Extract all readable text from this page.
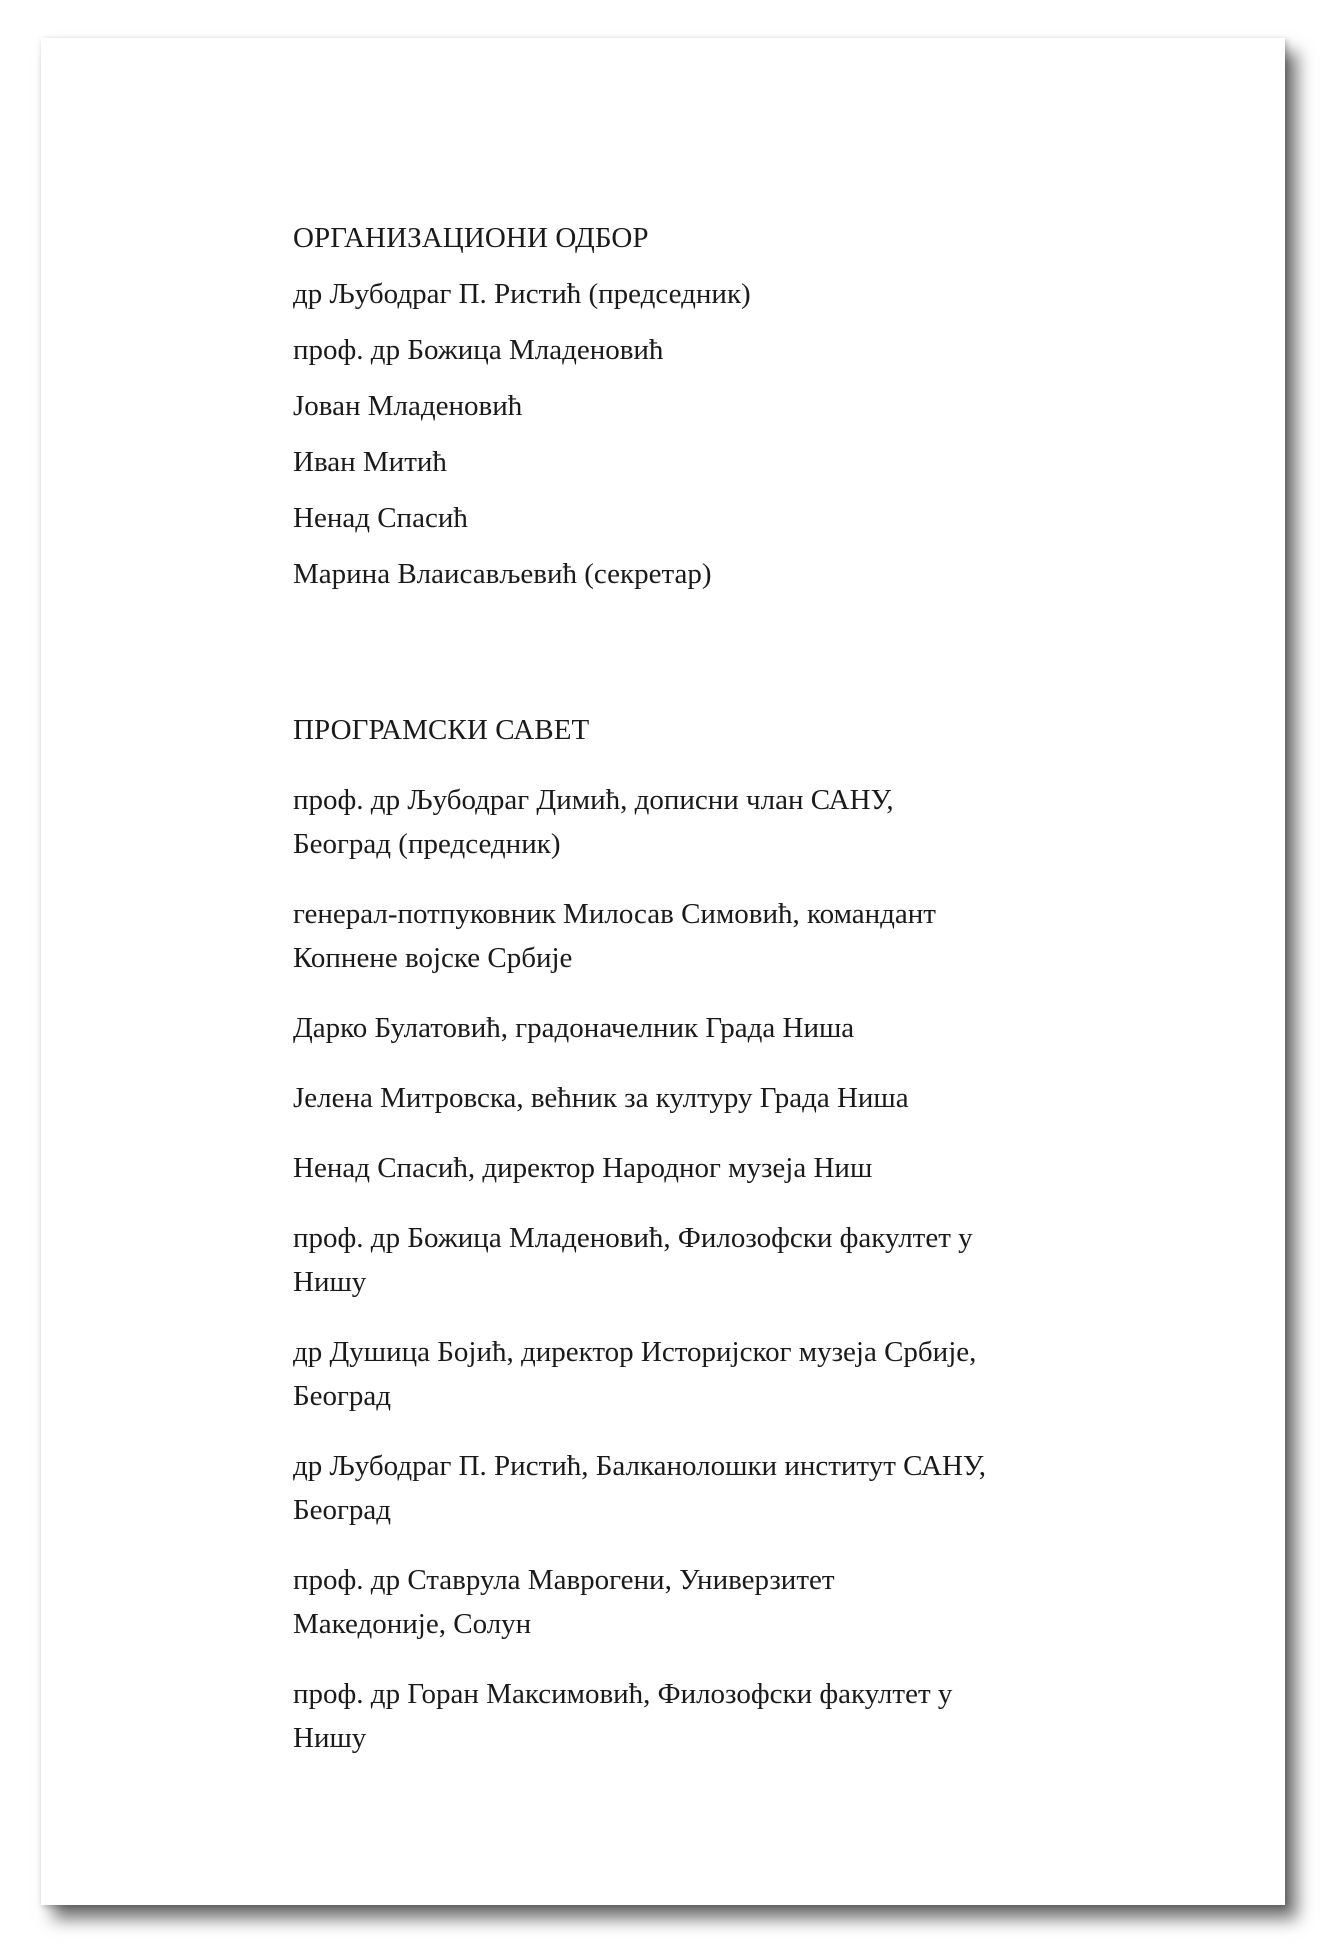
ОРГАНИЗАЦИОНИ ОДБОР
др Љубодраг П. Ристић (председник)
проф. др Божица Младеновић
Јован Младеновић
Иван Митић
Ненад Спасић
Марина Влаисављевић (секретар)
ПРОГРАМСКИ САВЕТ
проф. др Љубодраг Димић, дописни члан САНУ,
Београд (председник)
генерал-потпуковник Милосав Симовић, командант
Копнене војске Србије
Дарко Булатовић, градоначелник Града Ниша
Јелена Митровска, већник за културу Града Ниша
Ненад Спасић, директор Народног музеја Ниш
проф. др Божица Младеновић, Филозофски факултет у
Нишу
др Душица Бојић, директор Историјског музеја Србије,
Београд
др Љубодраг П. Ристић, Балканолошки институт САНУ,
Београд
проф. др Ставрула Маврогени, Универзитет
Македоније, Солун
проф. др Горан Максимовић, Филозофски факултет у
Нишу
